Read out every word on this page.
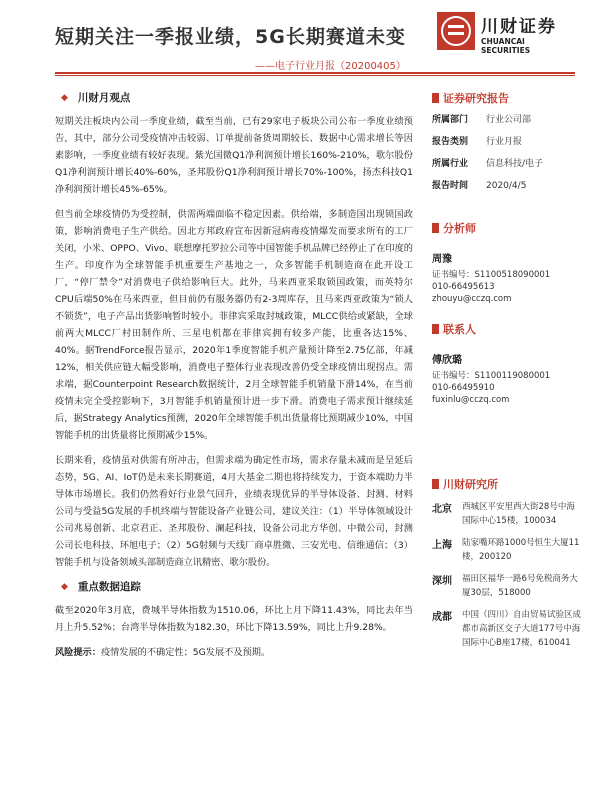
短期关注一季报业绩，5G长期赛道未变
——电子行业月报（20200405）
川财证券
CHUANCAI SECURITIES
◆ 川财月观点

短期关注板块内公司一季度业绩，截至当前，已有29家电子板块公司公布一季度业绩预告，其中，部分公司受疫情冲击较弱、订单提前备货周期较长、数据中心需求增长等因素影响，一季度业绩有较好表现。紫光国微Q1净利润预计增长160%-210%，歌尔股份Q1净利润预计增长40%-60%，圣邦股份Q1净利润预计增长70%-100%，扬杰科技Q1净利润预计增长45%-65%。

但当前全球疫情仍为受控制，供需两端面临不稳定因素。供给端，多制造国出现锁国政策，影响消费电子生产供给。因北方邦政府宣布因新冠病毒疫情爆发而要求所有的工厂关闭，小米、OPPO、Vivo、联想摩托罗拉公司等中国智能手机品牌已经停止了在印度的生产。印度作为全球智能手机重要生产基地之一，众多智能手机制造商在此开设工厂，“停厂禁令”对消费电子供给影响巨大。此外，马来西亚采取锁国政策，而英特尔CPU后端50%在马来西亚，但目前仍有服务器仍有2-3周库存，且马来西亚政策为“锁人不锁货”，电子产品出货影响暂时较小。菲律宾采取封城政策，MLCC供给或紧缺，全球前两大MLCC厂村田制作所、三星电机都在菲律宾拥有较多产能，比重各达15%、40%。据TrendForce报告显示，2020年1季度智能手机产量预计降至2.75亿部，年减12%，相关供应链大幅受影响，消费电子整体行业表现改善仍受全球疫情出现拐点。需求端，据Counterpoint Research数据统计，2月全球智能手机销量下滑14%，在当前疫情未完全受控影响下，3月智能手机销量预计进一步下滑。消费电子需求预计继续延后，据Strategy Analytics预测，2020年全球智能手机出货量将比预期减少10%，中国智能手机的出货量将比预期减少15%。

长期来看，疫情虽对供需有所冲击，但需求端为确定性市场，需求存量未减而是呈延后态势，5G、AI、IoT仍是未来长期赛道，4月大基金二期也将持续发力，于资本端助力半导体市场增长。我们仍然看好行业景气回升，业绩表现优异的半导体设备、封测、材料公司与受益5G发展的手机终端与智能设备产业链公司，建议关注：（1）半导体领域设计公司兆易创新、北京君正、圣邦股份、澜起科技，设备公司北方华创、中微公司，封测公司长电科技、环旭电子；（2）5G射频与天线厂商卓胜微、三安光电、信维通信；（3）智能手机与设备领域头部制造商立讯精密、歌尔股份。

◆ 重点数据追踪

截至2020年3月底，费城半导体指数为1510.06，环比上月下降11.43%，同比去年当月上升5.52%；台湾半导体指数为182.30，环比下降13.59%，同比上升9.28%。

风险提示：疫情发展的不确定性；5G发展不及预期。
证券研究报告
所属部门	行业公司部
报告类别	行业月报
所属行业	信息科技/电子
报告时间	2020/4/5
分析师
周豫
证书编号：S1100518090001
010-66495613
zhouyu@cczq.com
联系人
傅欣璐
证书编号：S1100119080001
010-66495910
fuxinlu@cczq.com
川财研究所
北京	西城区平安里西大街28号中海国际中心15楼，100034
上海	陆家嘴环路1000号恒生大厦11楼，200120
深圳	福田区福华一路6号免税商务大厦30层，518000
成都	中国（四川）自由贸易试验区成都市高新区交子大道177号中海国际中心B座17楼，610041
